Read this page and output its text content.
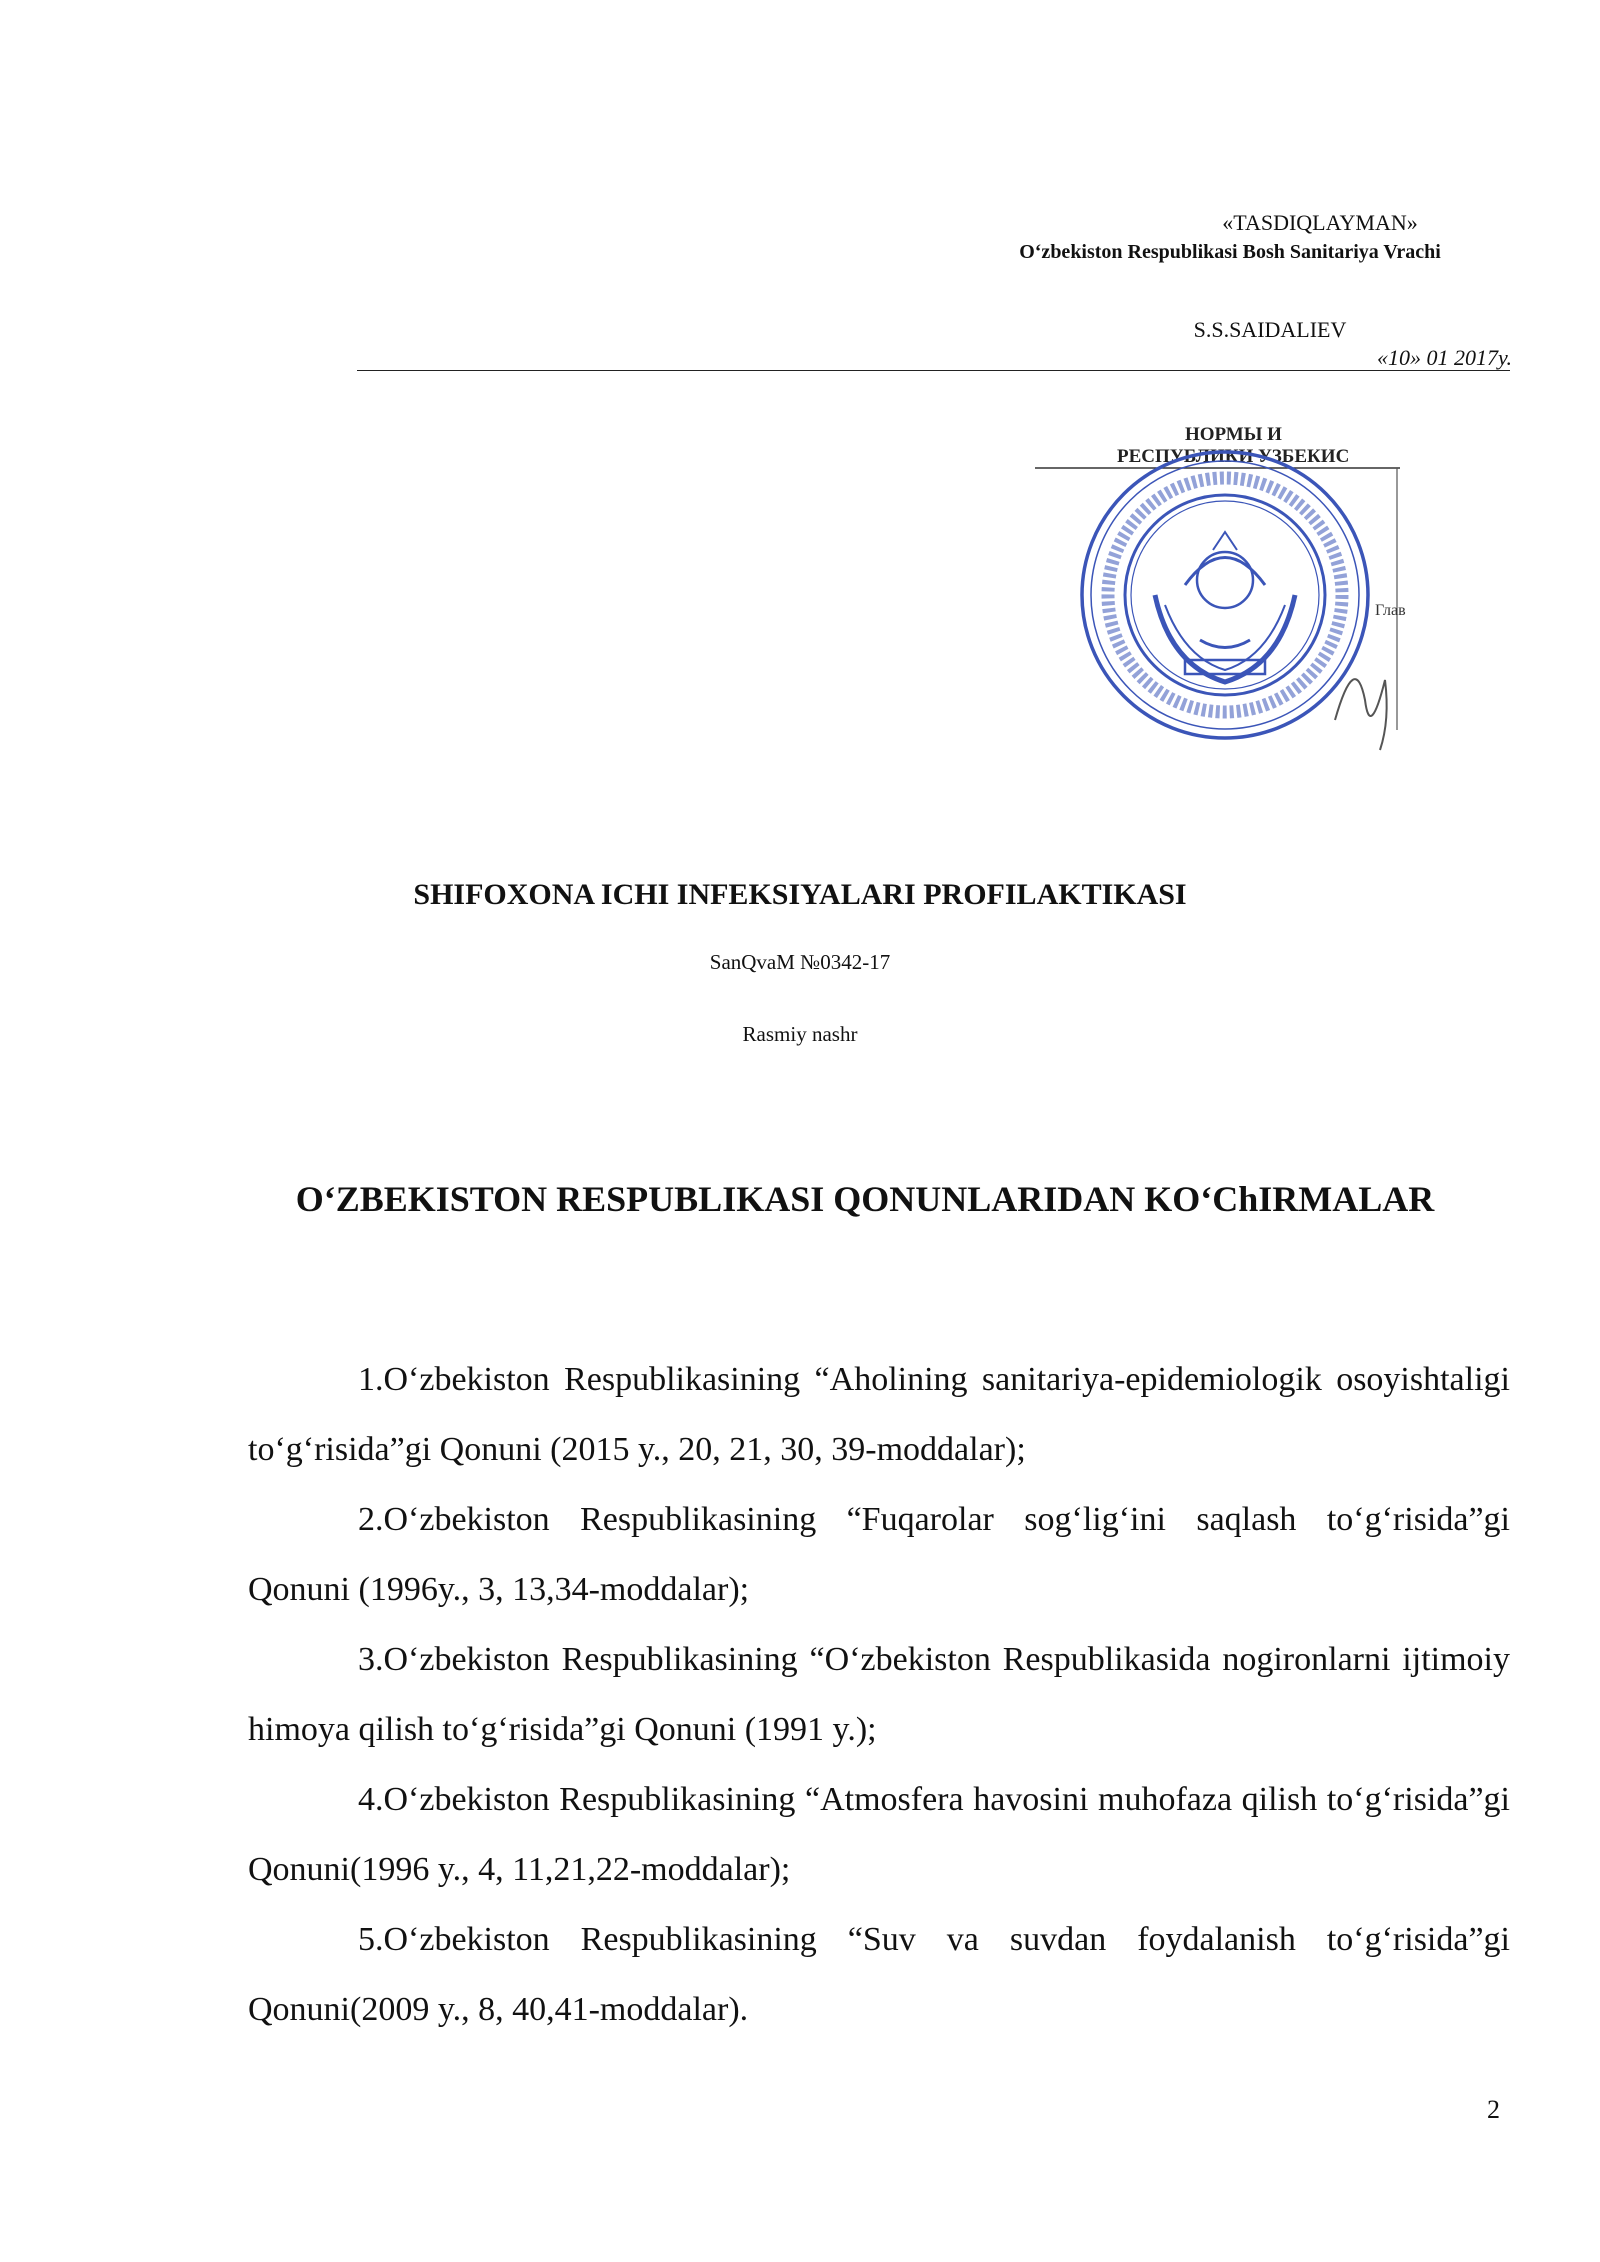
«TASDIQLAYMAN»
O‘zbekiston Respublikasi Bosh Sanitariya Vrachi
S.S.SAIDALIEV
«10» 01 2017y.
НОРМЫ И
РЕСПУБЛИКИ УЗБЕКИС
Глав
SHIFOXONA ICHI INFEKSIYALARI PROFILAKTIKASI
SanQvaM №0342-17
Rasmiy nashr
O‘ZBEKISTON RESPUBLIKASI QONUNLARIDAN KO‘ChIRMALAR

1.O‘zbekiston Respublikasining “Aholining sanitariya-epidemiologik osoyishtaligi to‘g‘risida”gi Qonuni (2015 y., 20, 21, 30, 39-moddalar);

2.O‘zbekiston Respublikasining “Fuqarolar sog‘lig‘ini saqlash to‘g‘risida”gi Qonuni (1996y., 3, 13,34-moddalar);

3.O‘zbekiston Respublikasining “O‘zbekiston Respublikasida nogironlarni ijtimoiy himoya qilish to‘g‘risida”gi Qonuni (1991 y.);

4.O‘zbekiston Respublikasining “Atmosfera havosini muhofaza qilish to‘g‘risida”gi Qonuni(1996 y., 4, 11,21,22-moddalar);

5.O‘zbekiston Respublikasining “Suv va suvdan foydalanish to‘g‘risida”gi Qonuni(2009 y., 8, 40,41-moddalar).

2
